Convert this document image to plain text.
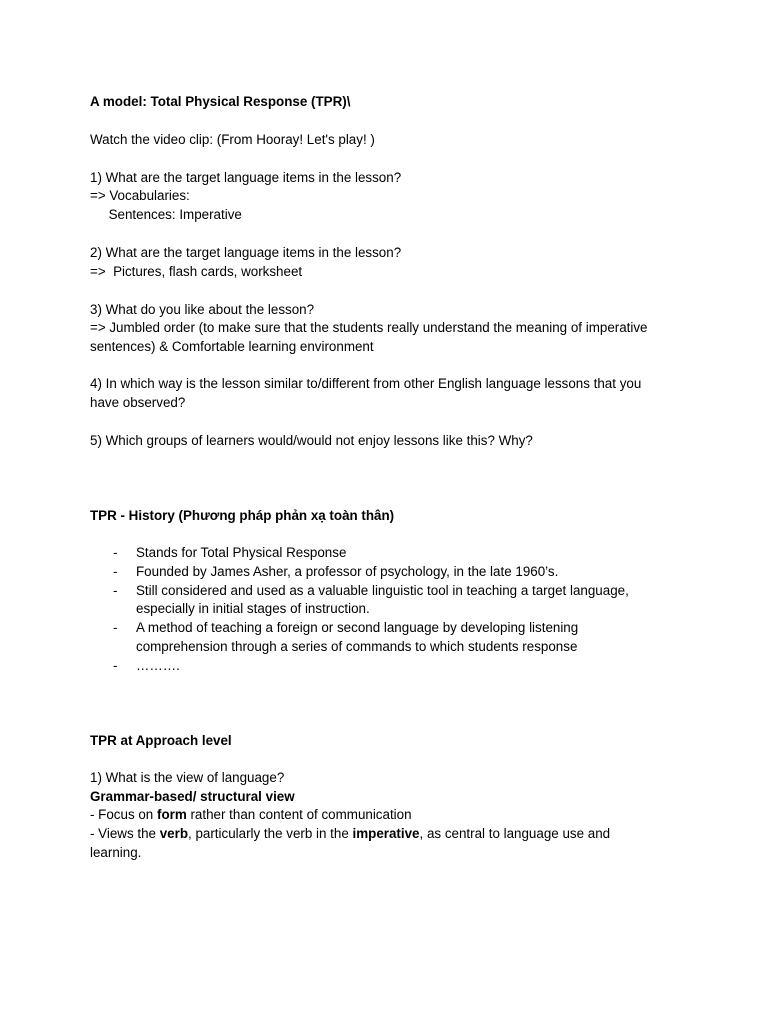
A model: Total Physical Response (TPR)\
Watch the video clip: (From Hooray! Let's play! )
1) What are the target language items in the lesson?
=> Vocabularies:
Sentences: Imperative
2) What are the target language items in the lesson?
=>  Pictures, flash cards, worksheet
3) What do you like about the lesson?
=> Jumbled order (to make sure that the students really understand the meaning of imperative
sentences) & Comfortable learning environment
4) In which way is the lesson similar to/different from other English language lessons that you
have observed?
5) Which groups of learners would/would not enjoy lessons like this? Why?
TPR - History (Phương pháp phản xạ toàn thân)
- Stands for Total Physical Response
- Founded by James Asher, a professor of psychology, in the late 1960’s.
- Still considered and used as a valuable linguistic tool in teaching a target language,
especially in initial stages of instruction.
- A method of teaching a foreign or second language by developing listening
comprehension through a series of commands to which students response
- ……….
TPR at Approach level
1) What is the view of language?
Grammar-based/ structural view
- Focus on form rather than content of communication
- Views the verb, particularly the verb in the imperative, as central to language use and
learning.
